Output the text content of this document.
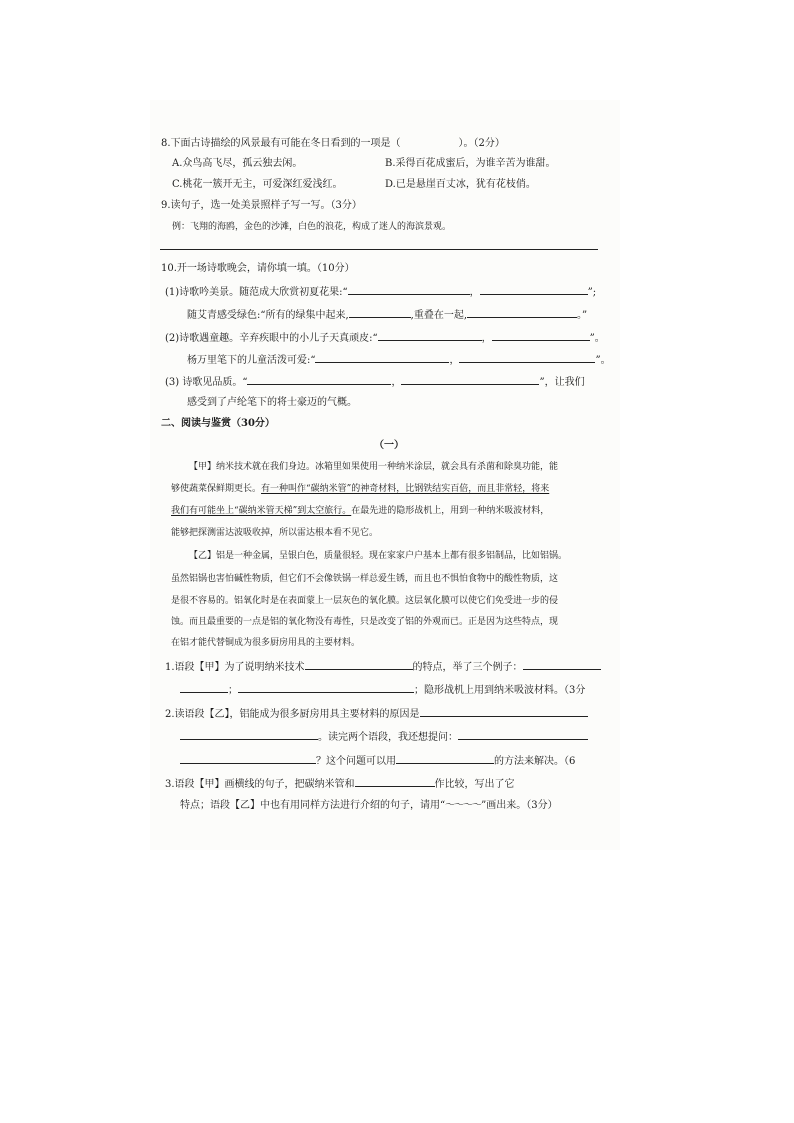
8.下面古诗描绘的风景最有可能在冬日看到的一项是（	）。（2分）
A.众鸟高飞尽，孤云独去闲。	B.采得百花成蜜后，为谁辛苦为谁甜。
C.桃花一簇开无主，可爱深红爱浅红。	D.已是悬崖百丈冰，犹有花枝俏。
9.读句子，选一处美景照样子写一写。（3分）
例：飞翔的海鸥，金色的沙滩，白色的浪花，构成了迷人的海滨景观。
10.开一场诗歌晚会，请你填一填。（10分）
(1)诗歌吟美景。随范成大欣赏初夏花果:“	，	”;
随艾青感受绿色:“所有的绿集中起来,	,重叠在一起,	。”
(2)诗歌遇童趣。辛弃疾眼中的小儿子天真顽皮:“	，	”。
杨万里笔下的儿童活泼可爱:“	，	”。
(3) 诗歌见品质。“	，	”，让我们
感受到了卢纶笔下的将士豪迈的气概。
二、阅读与鉴赏（30分）
（一）
【甲】纳米技术就在我们身边。冰箱里如果使用一种纳米涂层，就会具有杀菌和除臭功能，能
够使蔬菜保鲜期更长。有一种叫作“碳纳米管”的神奇材料，比钢铁结实百倍，而且非常轻，将来
我们有可能坐上“碳纳米管天梯”到太空旅行。在最先进的隐形战机上，用到一种纳米吸波材料，
能够把探测雷达波吸收掉，所以雷达根本看不见它。
【乙】铝是一种金属，呈银白色，质量很轻。现在家家户户基本上都有很多铝制品，比如铝锅。
虽然铝锅也害怕碱性物质，但它们不会像铁锅一样总爱生锈，而且也不惧怕食物中的酸性物质，这
是很不容易的。铝氧化时是在表面蒙上一层灰色的氧化膜。这层氧化膜可以使它们免受进一步的侵
蚀。而且最重要的一点是铝的氧化物没有毒性，只是改变了铝的外观而已。正是因为这些特点，现
在铝才能代替铜成为很多厨房用具的主要材料。
1.语段【甲】为了说明纳米技术	的特点，举了三个例子：
；	；隐形战机上用到纳米吸波材料。（3分
2.读语段【乙】，铝能成为很多厨房用具主要材料的原因是
。读完两个语段，我还想提问：
？这个问题可以用	的方法来解决。（6
3.语段【甲】画横线的句子，把碳纳米管和	作比较，写出了它
特点；语段【乙】中也有用同样方法进行介绍的句子，请用“～～～～”画出来。（3分）
